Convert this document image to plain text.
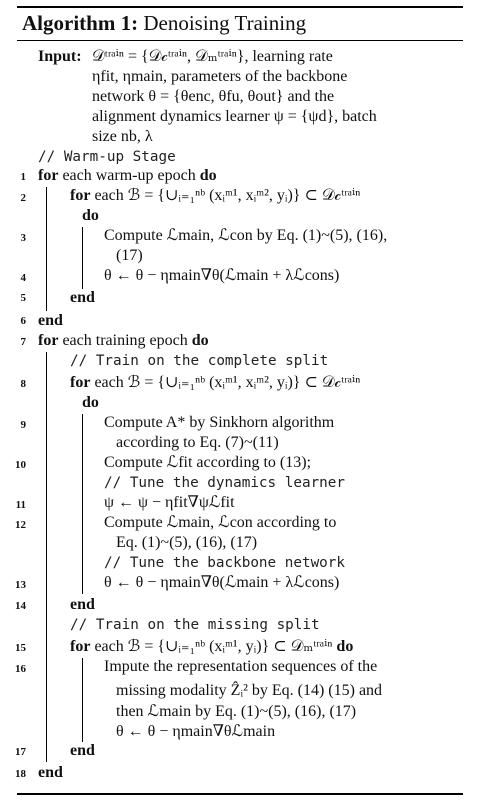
Algorithm 1: Denoising Training
Input: 𝒟ᵗʳᵃⁱⁿ = {𝒟𝒸ᵗʳᵃⁱⁿ, 𝒟ₘᵗʳᵃⁱⁿ}, learning rate
ηfit, ηmain, parameters of the backbone
network θ = {θenc, θfu, θout} and the
alignment dynamics learner ψ = {ψd}, batch
size nb, λ
// Warm-up Stage
1 for each warm-up epoch do
2	for each ℬ = {∪ᵢ₌₁ⁿᵇ (xᵢᵐ¹, xᵢᵐ², yᵢ)} ⊂ 𝒟𝒸ᵗʳᵃⁱⁿ
do
3	Compute ℒmain, ℒcon by Eq. (1)~(5), (16),
(17)
4	θ ← θ − ηmain∇θ(ℒmain + λℒcons)
5	end
6 end
7 for each training epoch do
// Train on the complete split
8	for each ℬ = {∪ᵢ₌₁ⁿᵇ (xᵢᵐ¹, xᵢᵐ², yᵢ)} ⊂ 𝒟𝒸ᵗʳᵃⁱⁿ
do
9	Compute A* by Sinkhorn algorithm
according to Eq. (7)~(11)
10	Compute ℒfit according to (13);
// Tune the dynamics learner
11	ψ ← ψ − ηfit∇ψℒfit
12	Compute ℒmain, ℒcon according to
Eq. (1)~(5), (16), (17)
// Tune the backbone network
13	θ ← θ − ηmain∇θ(ℒmain + λℒcons)
14	end
// Train on the missing split
15	for each ℬ = {∪ᵢ₌₁ⁿᵇ (xᵢᵐ¹, yᵢ)} ⊂ 𝒟ₘᵗʳᵃⁱⁿ do
16	Impute the representation sequences of the
missing modality Ẑᵢ² by Eq. (14) (15) and
then ℒmain by Eq. (1)~(5), (16), (17)
θ ← θ − ηmain∇θℒmain
17	end
18 end
